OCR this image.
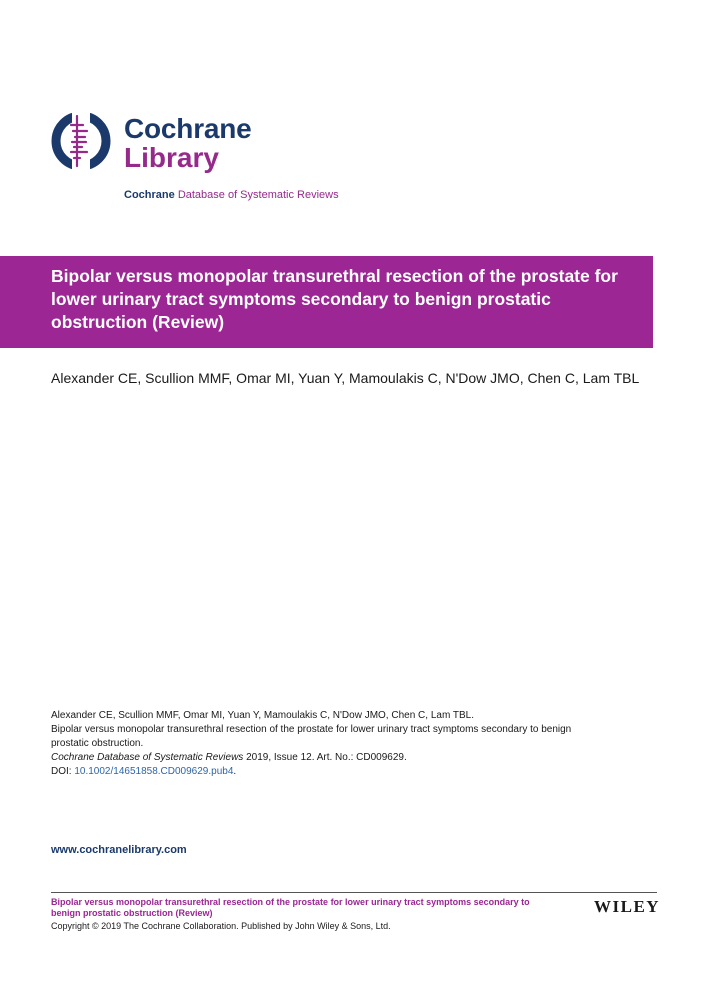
Cochrane
Library
Cochrane Database of Systematic Reviews
Bipolar versus monopolar transurethral resection of the prostate for lower urinary tract symptoms secondary to benign prostatic obstruction (Review)
Alexander CE, Scullion MMF, Omar MI, Yuan Y, Mamoulakis C, N'Dow JMO, Chen C, Lam TBL
Alexander CE, Scullion MMF, Omar MI, Yuan Y, Mamoulakis C, N'Dow JMO, Chen C, Lam TBL.
Bipolar versus monopolar transurethral resection of the prostate for lower urinary tract symptoms secondary to benign prostatic obstruction.
Cochrane Database of Systematic Reviews 2019, Issue 12. Art. No.: CD009629.
DOI: 10.1002/14651858.CD009629.pub4.
www.cochranelibrary.com
Bipolar versus monopolar transurethral resection of the prostate for lower urinary tract symptoms secondary to benign prostatic obstruction (Review)
Copyright © 2019 The Cochrane Collaboration. Published by John Wiley & Sons, Ltd.
WILEY
